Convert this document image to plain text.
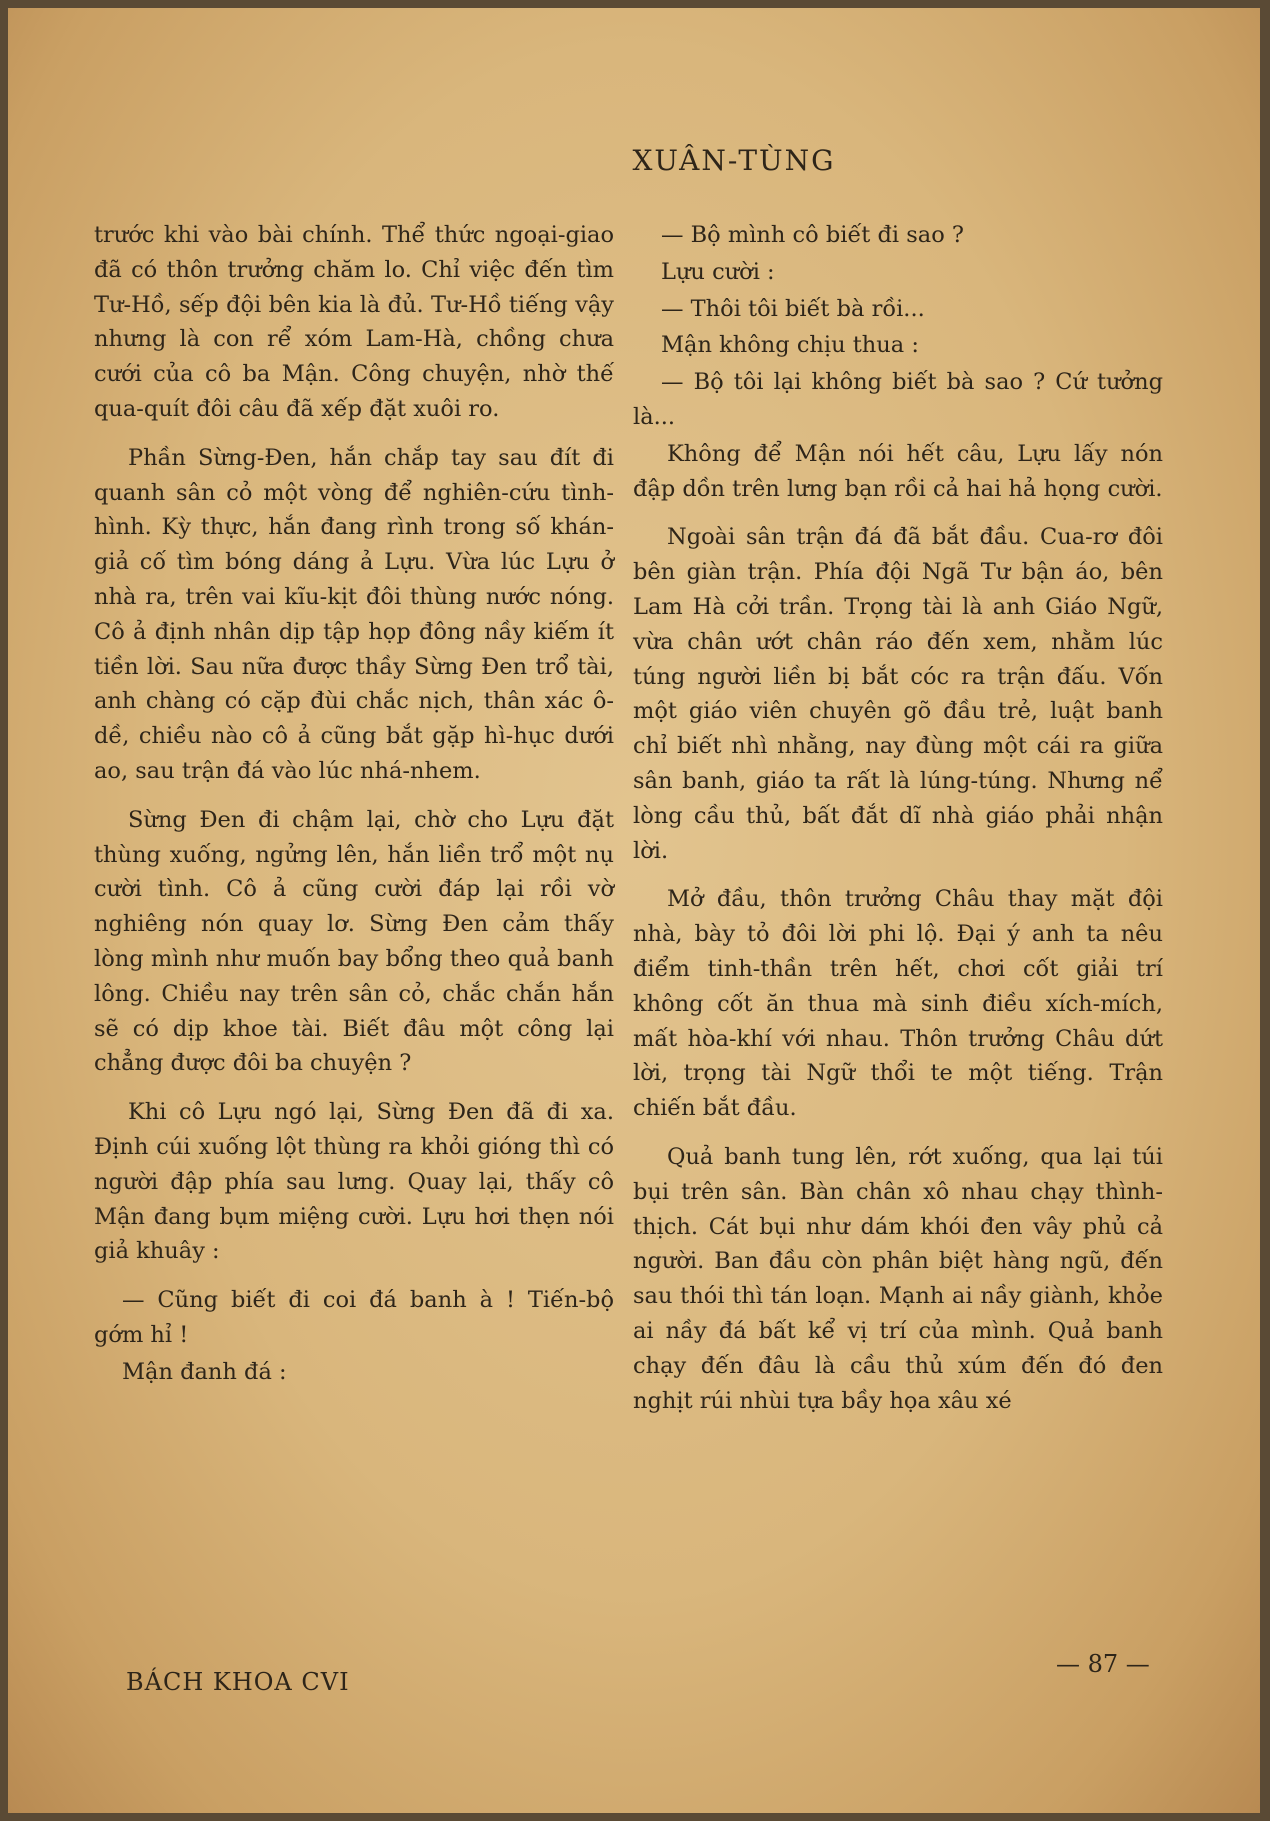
XUÂN-TÙNG

trước khi vào bài chính. Thể thức ngoại-giao đã có thôn trưởng chăm lo. Chỉ việc đến tìm Tư-Hồ, sếp đội bên kia là đủ. Tư-Hồ tiếng vậy nhưng là con rể xóm Lam-Hà, chồng chưa cưới của cô ba Mận. Công chuyện, nhờ thế qua-quít đôi câu đã xếp đặt xuôi ro.

Phần Sừng-Đen, hắn chắp tay sau đít đi quanh sân cỏ một vòng để nghiên-cứu tình-hình. Kỳ thực, hắn đang rình trong số khán-giả cố tìm bóng dáng ả Lựu. Vừa lúc Lựu ở nhà ra, trên vai kĩu-kịt đôi thùng nước nóng. Cô ả định nhân dịp tập họp đông nầy kiếm ít tiền lời. Sau nữa được thầy Sừng Đen trổ tài, anh chàng có cặp đùi chắc nịch, thân xác ô-dề, chiều nào cô ả cũng bắt gặp hì-hục dưới ao, sau trận đá vào lúc nhá-nhem.

Sừng Đen đi chậm lại, chờ cho Lựu đặt thùng xuống, ngửng lên, hắn liền trổ một nụ cười tình. Cô ả cũng cười đáp lại rồi vờ nghiêng nón quay lơ. Sừng Đen cảm thấy lòng mình như muốn bay bổng theo quả banh lông. Chiều nay trên sân cỏ, chắc chắn hắn sẽ có dịp khoe tài. Biết đâu một công lại chẳng được đôi ba chuyện ?

Khi cô Lựu ngó lại, Sừng Đen đã đi xa. Định cúi xuống lột thùng ra khỏi gióng thì có người đập phía sau lưng. Quay lại, thấy cô Mận đang bụm miệng cười. Lựu hơi thẹn nói giả khuây :

— Cũng biết đi coi đá banh à ! Tiến-bộ gớm hỉ !

Mận đanh đá :

— Bộ mình cô biết đi sao ?

Lựu cười :

— Thôi tôi biết bà rồi...

Mận không chịu thua :

— Bộ tôi lại không biết bà sao ? Cứ tưởng là...

Không để Mận nói hết câu, Lựu lấy nón đập dồn trên lưng bạn rồi cả hai hả họng cười.

Ngoài sân trận đá đã bắt đầu. Cua-rơ đôi bên giàn trận. Phía đội Ngã Tư bận áo, bên Lam Hà cởi trần. Trọng tài là anh Giáo Ngữ, vừa chân ướt chân ráo đến xem, nhằm lúc túng người liền bị bắt cóc ra trận đấu. Vốn một giáo viên chuyên gõ đầu trẻ, luật banh chỉ biết nhì nhằng, nay đùng một cái ra giữa sân banh, giáo ta rất là lúng-túng. Nhưng nể lòng cầu thủ, bất đắt dĩ nhà giáo phải nhận lời.

Mở đầu, thôn trưởng Châu thay mặt đội nhà, bày tỏ đôi lời phi lộ. Đại ý anh ta nêu điểm tinh-thần trên hết, chơi cốt giải trí không cốt ăn thua mà sinh điều xích-mích, mất hòa-khí với nhau. Thôn trưởng Châu dứt lời, trọng tài Ngữ thổi te một tiếng. Trận chiến bắt đầu.

Quả banh tung lên, rớt xuống, qua lại túi bụi trên sân. Bàn chân xô nhau chạy thình-thịch. Cát bụi như dám khói đen vây phủ cả người. Ban đầu còn phân biệt hàng ngũ, đến sau thói thì tán loạn. Mạnh ai nầy giành, khỏe ai nầy đá bất kể vị trí của mình. Quả banh chạy đến đâu là cầu thủ xúm đến đó đen nghịt rúi nhùi tựa bầy họa xâu xé

BÁCH KHOA CVI
— 87 —
